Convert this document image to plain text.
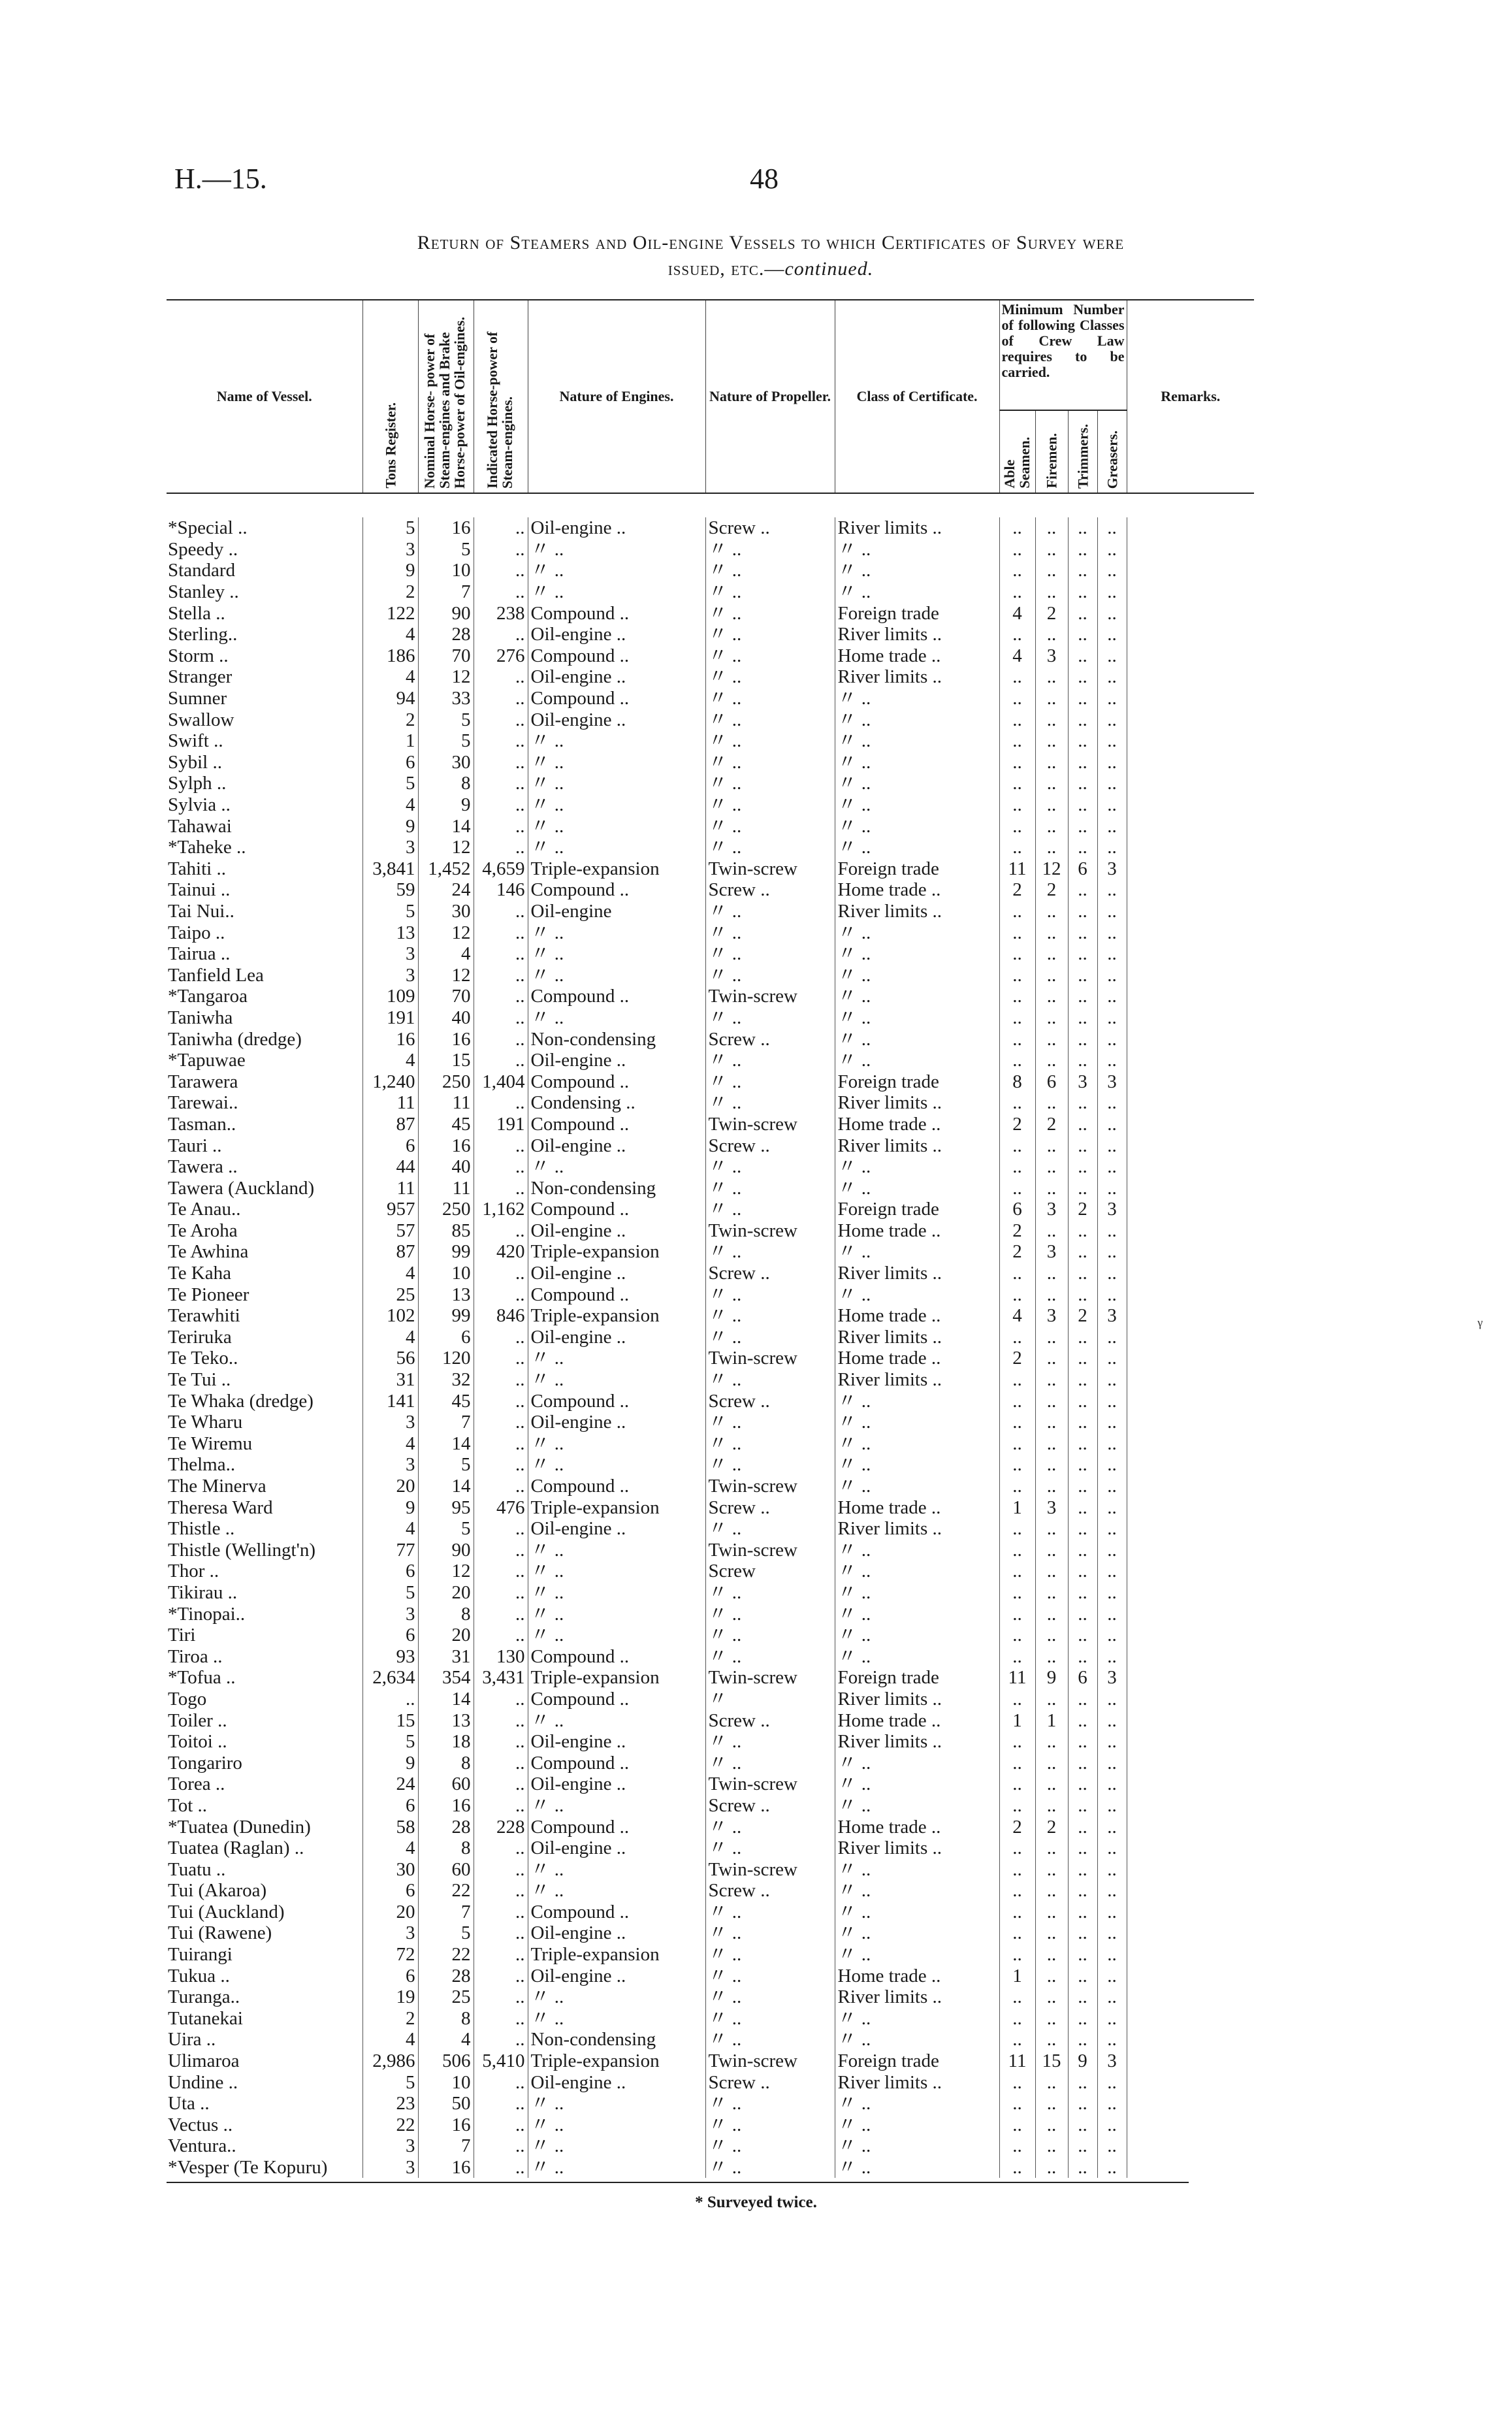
H.—15.	48
Return of Steamers and Oil-engine Vessels to which Certificates of Survey were
issued, etc.—continued.
Name of Vessel.	Tons Register.	Nominal Horse- power of Steam-engines and Brake Horse-power of Oil-engines.	Indicated Horse-power of Steam-engines.	Nature of Engines.	Nature of Propeller.	Class of Certificate.	Minimum Number of following Classes of Crew Law requires to be carried.				Remarks.

							Able Seamen.	Firemen.	Trimmers.	Greasers.	

*Special ..	5	16	..	Oil-engine ..	Screw ..	River limits ..	..	..	..	..	
Speedy ..	3	5	..	〃 ..	〃 ..	〃 ..	..	..	..	..	
Standard	9	10	..	〃 ..	〃 ..	〃 ..	..	..	..	..	
Stanley ..	2	7	..	〃 ..	〃 ..	〃 ..	..	..	..	..	
Stella ..	122	90	238	Compound ..	〃 ..	Foreign trade	4	2	..	..	
Sterling..	4	28	..	Oil-engine ..	〃 ..	River limits ..	..	..	..	..	
Storm ..	186	70	276	Compound ..	〃 ..	Home trade ..	4	3	..	..	
Stranger	4	12	..	Oil-engine ..	〃 ..	River limits ..	..	..	..	..	
Sumner	94	33	..	Compound ..	〃 ..	〃 ..	..	..	..	..	
Swallow	2	5	..	Oil-engine ..	〃 ..	〃 ..	..	..	..	..	
Swift ..	1	5	..	〃 ..	〃 ..	〃 ..	..	..	..	..	
Sybil ..	6	30	..	〃 ..	〃 ..	〃 ..	..	..	..	..	
Sylph ..	5	8	..	〃 ..	〃 ..	〃 ..	..	..	..	..	
Sylvia ..	4	9	..	〃 ..	〃 ..	〃 ..	..	..	..	..	
Tahawai	9	14	..	〃 ..	〃 ..	〃 ..	..	..	..	..	
*Taheke ..	3	12	..	〃 ..	〃 ..	〃 ..	..	..	..	..	
Tahiti ..	3,841	1,452	4,659	Triple-expansion	Twin-screw	Foreign trade	11	12	6	3	
Tainui ..	59	24	146	Compound ..	Screw ..	Home trade ..	2	2	..	..	
Tai Nui..	5	30	..	Oil-engine	〃 ..	River limits ..	..	..	..	..	
Taipo ..	13	12	..	〃 ..	〃 ..	〃 ..	..	..	..	..	
Tairua ..	3	4	..	〃 ..	〃 ..	〃 ..	..	..	..	..	
Tanfield Lea	3	12	..	〃 ..	〃 ..	〃 ..	..	..	..	..	
*Tangaroa	109	70	..	Compound ..	Twin-screw	〃 ..	..	..	..	..	
Taniwha	191	40	..	〃 ..	〃 ..	〃 ..	..	..	..	..	
Taniwha (dredge)	16	16	..	Non-condensing	Screw ..	〃 ..	..	..	..	..	
*Tapuwae	4	15	..	Oil-engine ..	〃 ..	〃 ..	..	..	..	..	
Tarawera	1,240	250	1,404	Compound ..	〃 ..	Foreign trade	8	6	3	3	
Tarewai..	11	11	..	Condensing ..	〃 ..	River limits ..	..	..	..	..	
Tasman..	87	45	191	Compound ..	Twin-screw	Home trade ..	2	2	..	..	
Tauri ..	6	16	..	Oil-engine ..	Screw ..	River limits ..	..	..	..	..	
Tawera ..	44	40	..	〃 ..	〃 ..	〃 ..	..	..	..	..	
Tawera (Auckland)	11	11	..	Non-condensing	〃 ..	〃 ..	..	..	..	..	
Te Anau..	957	250	1,162	Compound ..	〃 ..	Foreign trade	6	3	2	3	
Te Aroha	57	85	..	Oil-engine ..	Twin-screw	Home trade ..	2	..	..	..	
Te Awhina	87	99	420	Triple-expansion	〃 ..	〃 ..	2	3	..	..	
Te Kaha	4	10	..	Oil-engine ..	Screw ..	River limits ..	..	..	..	..	
Te Pioneer	25	13	..	Compound ..	〃 ..	〃 ..	..	..	..	..	
Terawhiti	102	99	846	Triple-expansion	〃 ..	Home trade ..	4	3	2	3	
Teriruka	4	6	..	Oil-engine ..	〃 ..	River limits ..	..	..	..	..	
Te Teko..	56	120	..	〃 ..	Twin-screw	Home trade ..	2	..	..	..	
Te Tui ..	31	32	..	〃 ..	〃 ..	River limits ..	..	..	..	..	
Te Whaka (dredge)	141	45	..	Compound ..	Screw ..	〃 ..	..	..	..	..	
Te Wharu	3	7	..	Oil-engine ..	〃 ..	〃 ..	..	..	..	..	
Te Wiremu	4	14	..	〃 ..	〃 ..	〃 ..	..	..	..	..	
Thelma..	3	5	..	〃 ..	〃 ..	〃 ..	..	..	..	..	
The Minerva	20	14	..	Compound ..	Twin-screw	〃 ..	..	..	..	..	
Theresa Ward	9	95	476	Triple-expansion	Screw ..	Home trade ..	1	3	..	..	
Thistle ..	4	5	..	Oil-engine ..	〃 ..	River limits ..	..	..	..	..	
Thistle (Wellingt'n)	77	90	..	〃 ..	Twin-screw	〃 ..	..	..	..	..	
Thor ..	6	12	..	〃 ..	Screw	〃 ..	..	..	..	..	
Tikirau ..	5	20	..	〃 ..	〃 ..	〃 ..	..	..	..	..	
*Tinopai..	3	8	..	〃 ..	〃 ..	〃 ..	..	..	..	..	
Tiri	6	20	..	〃 ..	〃 ..	〃 ..	..	..	..	..	
Tiroa ..	93	31	130	Compound ..	〃 ..	〃 ..	..	..	..	..	
*Tofua ..	2,634	354	3,431	Triple-expansion	Twin-screw	Foreign trade	11	9	6	3	
Togo	..	14	..	Compound ..	〃	River limits ..	..	..	..	..	
Toiler ..	15	13	..	〃 ..	Screw ..	Home trade ..	1	1	..	..	
Toitoi ..	5	18	..	Oil-engine ..	〃 ..	River limits ..	..	..	..	..	
Tongariro	9	8	..	Compound ..	〃 ..	〃 ..	..	..	..	..	
Torea ..	24	60	..	Oil-engine ..	Twin-screw	〃 ..	..	..	..	..	
Tot ..	6	16	..	〃 ..	Screw ..	〃 ..	..	..	..	..	
*Tuatea (Dunedin)	58	28	228	Compound ..	〃 ..	Home trade ..	2	2	..	..	
Tuatea (Raglan) ..	4	8	..	Oil-engine ..	〃 ..	River limits ..	..	..	..	..	
Tuatu ..	30	60	..	〃 ..	Twin-screw	〃 ..	..	..	..	..	
Tui (Akaroa)	6	22	..	〃 ..	Screw ..	〃 ..	..	..	..	..	
Tui (Auckland)	20	7	..	Compound ..	〃 ..	〃 ..	..	..	..	..	
Tui (Rawene)	3	5	..	Oil-engine ..	〃 ..	〃 ..	..	..	..	..	
Tuirangi	72	22	..	Triple-expansion	〃 ..	〃 ..	..	..	..	..	
Tukua ..	6	28	..	Oil-engine ..	〃 ..	Home trade ..	1	..	..	..	
Turanga..	19	25	..	〃 ..	〃 ..	River limits ..	..	..	..	..	
Tutanekai	2	8	..	〃 ..	〃 ..	〃 ..	..	..	..	..	
Uira ..	4	4	..	Non-condensing	〃 ..	〃 ..	..	..	..	..	
Ulimaroa	2,986	506	5,410	Triple-expansion	Twin-screw	Foreign trade	11	15	9	3	
Undine ..	5	10	..	Oil-engine ..	Screw ..	River limits ..	..	..	..	..	
Uta ..	23	50	..	〃 ..	〃 ..	〃 ..	..	..	..	..	
Vectus ..	22	16	..	〃 ..	〃 ..	〃 ..	..	..	..	..	
Ventura..	3	7	..	〃 ..	〃 ..	〃 ..	..	..	..	..	
*Vesper (Te Kopuru)	3	16	..	〃 ..	〃 ..	〃 ..	..	..	..	..	
* Surveyed twice.
ᵧ
